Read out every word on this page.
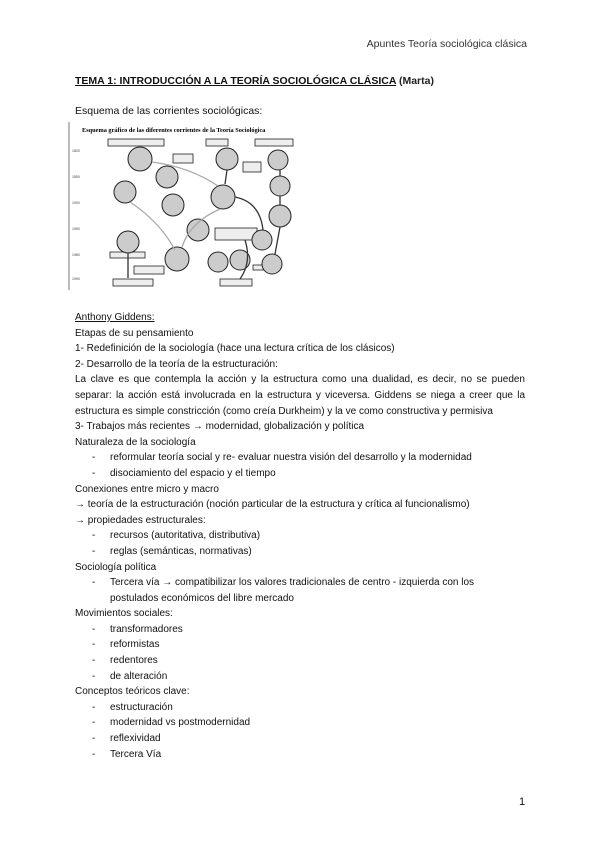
Apuntes Teoría sociológica clásica
TEMA 1: INTRODUCCIÓN A LA TEORÍA SOCIOLÓGICA CLÁSICA (Marta)
Esquema de las corrientes sociológicas:
Esquema gráfico de las diferentes corrientes de la Teoría Sociológica
1800
1850
1900
1950
1980
1990

Anthony Giddens:

Etapas de su pensamiento

1- Redefinición de la sociología (hace una lectura crítica de los clásicos)

2- Desarrollo de la teoría de la estructuración:

La clave es que contempla la acción y la estructura como una dualidad, es decir, no se pueden separar: la acción está involucrada en la estructura y viceversa. Giddens se niega a creer que la estructura es simple constricción (como creía Durkheim) y la ve como constructiva y permisiva

3- Trabajos más recientes → modernidad, globalización y política

Naturaleza de la sociología

- reformular teoría social y re- evaluar nuestra visión del desarrollo y la modernidad

- disociamiento del espacio y el tiempo

Conexiones entre micro y macro

→ teoría de la estructuración (noción particular de la estructura y crítica al funcionalismo)

→ propiedades estructurales:

- recursos (autoritativa, distributiva)

- reglas (semánticas, normativas)

Sociología política

- Tercera vía → compatibilizar los valores tradicionales de centro - izquierda con los postulados económicos del libre mercado

Movimientos sociales:

- transformadores

- reformistas

- redentores

- de alteración

Conceptos teóricos clave:

- estructuración

- modernidad vs postmodernidad

- reflexividad

- Tercera Vía

1
